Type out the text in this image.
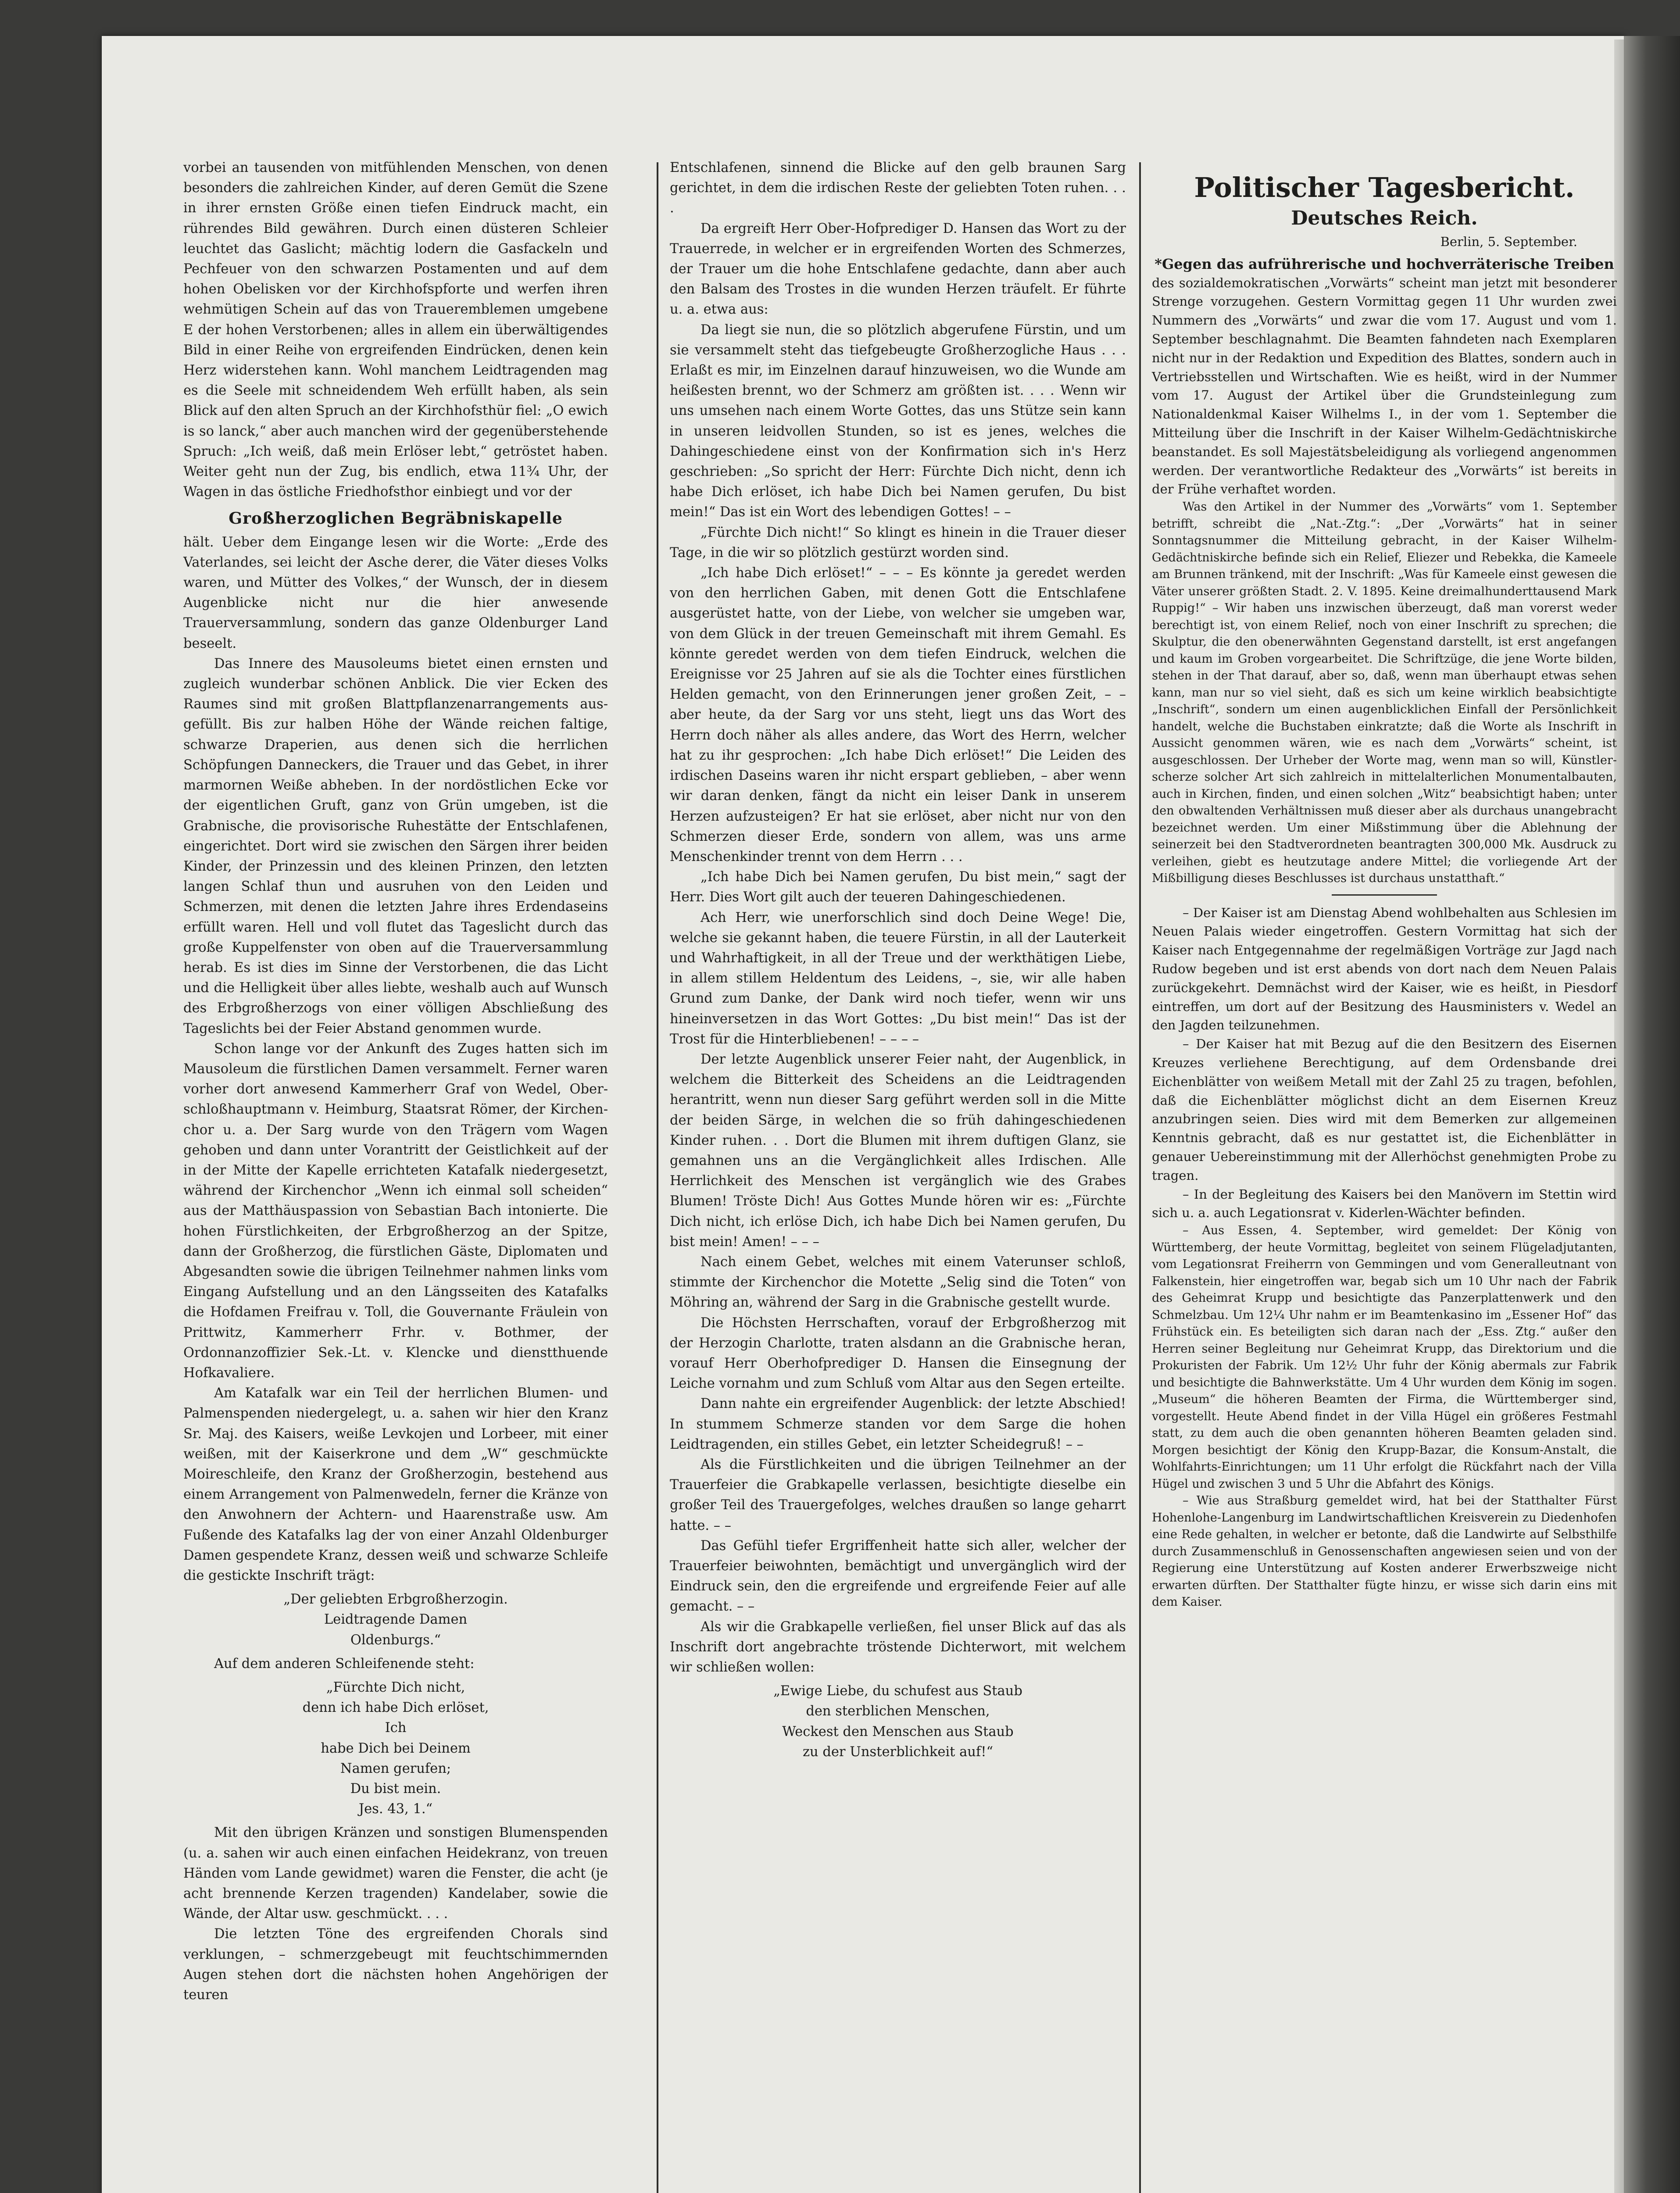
vorbei an tausenden von mitfühlenden Menschen, von denen besonders die zahlreichen Kinder, auf deren Gemüt die Szene in ihrer ernsten Größe einen tiefen Eindruck macht, ein rührendes Bild gewähren. Durch einen düsteren Schleier leuchtet das Gaslicht; mächtig lodern die Gasfackeln und Pechfeuer von den schwarzen Postamenten und auf dem hohen Obelisken vor der Kirchhofspforte und werfen ihren wehmütigen Schein auf das von Traueremblemen umgebene E der hohen Verstorbenen; alles in allem ein überwältigendes Bild in einer Reihe von ergreifenden Eindrücken, denen kein Herz widerstehen kann. Wohl manchem Leidtragenden mag es die Seele mit schneidendem Weh erfüllt haben, als sein Blick auf den alten Spruch an der Kirchhofsthür fiel: „O ewich is so lanck,“ aber auch manchen wird der gegenüberstehende Spruch: „Ich weiß, daß mein Erlöser lebt,“ getröstet haben. Weiter geht nun der Zug, bis endlich, etwa 11¾ Uhr, der Wagen in das östliche Friedhofsthor einbiegt und vor der

Großherzoglichen Begräbniskapelle

hält. Ueber dem Eingange lesen wir die Worte: „Erde des Vaterlandes, sei leicht der Asche derer, die Väter dieses Volks waren, und Mütter des Volkes,“ der Wunsch, der in diesem Augenblicke nicht nur die hier anwesende Trauerversammlung, sondern das ganze Oldenburger Land beseelt.

Das Innere des Mausoleums bietet einen ernsten und zugleich wunderbar schönen Anblick. Die vier Ecken des Raumes sind mit großen Blattpflanzenarrangements ausgefüllt. Bis zur halben Höhe der Wände reichen faltige, schwarze Draperien, aus denen sich die herrlichen Schöpfungen Danneckers, die Trauer und das Gebet, in ihrer marmornen Weiße abheben. In der nordöstlichen Ecke vor der eigentlichen Gruft, ganz von Grün umgeben, ist die Grabnische, die provisorische Ruhestätte der Entschlafenen, eingerichtet. Dort wird sie zwischen den Särgen ihrer beiden Kinder, der Prinzessin und des kleinen Prinzen, den letzten langen Schlaf thun und ausruhen von den Leiden und Schmerzen, mit denen die letzten Jahre ihres Erdendaseins erfüllt waren. Hell und voll flutet das Tageslicht durch das große Kuppelfenster von oben auf die Trauerversammlung herab. Es ist dies im Sinne der Verstorbenen, die das Licht und die Helligkeit über alles liebte, weshalb auch auf Wunsch des Erbgroßherzogs von einer völligen Abschließung des Tageslichts bei der Feier Abstand genommen wurde.

Schon lange vor der Ankunft des Zuges hatten sich im Mausoleum die fürstlichen Damen versammelt. Ferner waren vorher dort anwesend Kammerherr Graf von Wedel, Oberschloßhauptmann v. Heimburg, Staatsrat Römer, der Kirchenchor u. a. Der Sarg wurde von den Trägern vom Wagen gehoben und dann unter Vorantritt der Geistlichkeit auf der in der Mitte der Kapelle errichteten Katafalk niedergesetzt, während der Kirchenchor „Wenn ich einmal soll scheiden“ aus der Matthäuspassion von Sebastian Bach intonierte. Die hohen Fürstlichkeiten, der Erbgroßherzog an der Spitze, dann der Großherzog, die fürstlichen Gäste, Diplomaten und Abgesandten sowie die übrigen Teilnehmer nahmen links vom Eingang Aufstellung und an den Längsseiten des Katafalks die Hofdamen Freifrau v. Toll, die Gouvernante Fräulein von Prittwitz, Kammerherr Frhr. v. Bothmer, der Ordonnanzoffizier Sek.-Lt. v. Klencke und dienstthuende Hofkavaliere.

Am Katafalk war ein Teil der herrlichen Blumen- und Palmenspenden niedergelegt, u. a. sahen wir hier den Kranz Sr. Maj. des Kaisers, weiße Levkojen und Lorbeer, mit einer weißen, mit der Kaiserkrone und dem „W“ geschmückte Moireschleife, den Kranz der Großherzogin, bestehend aus einem Arrangement von Palmenwedeln, ferner die Kränze von den Anwohnern der Achtern- und Haarenstraße usw. Am Fußende des Katafalks lag der von einer Anzahl Oldenburger Damen gespendete Kranz, dessen weiß und schwarze Schleife die gestickte Inschrift trägt:

„Der geliebten Erbgroßherzogin.
Leidtragende Damen
Oldenburgs.“

Auf dem anderen Schleifenende steht:

„Fürchte Dich nicht,
denn ich habe Dich erlöset,
Ich
habe Dich bei Deinem
Namen gerufen;
Du bist mein.
Jes. 43, 1.“

Mit den übrigen Kränzen und sonstigen Blumenspenden (u. a. sahen wir auch einen einfachen Heidekranz, von treuen Händen vom Lande gewidmet) waren die Fenster, die acht (je acht brennende Kerzen tragenden) Kandelaber, sowie die Wände, der Altar usw. geschmückt. . . .

Die letzten Töne des ergreifenden Chorals sind verklungen, – schmerzgebeugt mit feuchtschimmernden Augen stehen dort die nächsten hohen Angehörigen der teuren

Entschlafenen, sinnend die Blicke auf den gelb braunen Sarg gerichtet, in dem die irdischen Reste der geliebten Toten ruhen. . . .

Da ergreift Herr Ober-Hofprediger D. Hansen das Wort zu der Trauerrede, in welcher er in ergreifenden Worten des Schmerzes, der Trauer um die hohe Entschlafene gedachte, dann aber auch den Balsam des Trostes in die wunden Herzen träufelt. Er führte u. a. etwa aus:

Da liegt sie nun, die so plötzlich abgerufene Fürstin, und um sie versammelt steht das tiefgebeugte Großherzogliche Haus . . . Erlaßt es mir, im Einzelnen darauf hinzuweisen, wo die Wunde am heißesten brennt, wo der Schmerz am größten ist. . . . Wenn wir uns umsehen nach einem Worte Gottes, das uns Stütze sein kann in unseren leidvollen Stunden, so ist es jenes, welches die Dahingeschiedene einst von der Konfirmation sich in's Herz geschrieben: „So spricht der Herr: Fürchte Dich nicht, denn ich habe Dich erlöset, ich habe Dich bei Namen gerufen, Du bist mein!“ Das ist ein Wort des lebendigen Gottes! – –

„Fürchte Dich nicht!“ So klingt es hinein in die Trauer dieser Tage, in die wir so plötzlich gestürzt worden sind.

„Ich habe Dich erlöset!“ – – – Es könnte ja geredet werden von den herrlichen Gaben, mit denen Gott die Entschlafene ausgerüstet hatte, von der Liebe, von welcher sie umgeben war, von dem Glück in der treuen Gemeinschaft mit ihrem Gemahl. Es könnte geredet werden von dem tiefen Eindruck, welchen die Ereignisse vor 25 Jahren auf sie als die Tochter eines fürstlichen Helden gemacht, von den Erinnerungen jener großen Zeit, – – aber heute, da der Sarg vor uns steht, liegt uns das Wort des Herrn doch näher als alles andere, das Wort des Herrn, welcher hat zu ihr gesprochen: „Ich habe Dich erlöset!“ Die Leiden des irdischen Daseins waren ihr nicht erspart geblieben, – aber wenn wir daran denken, fängt da nicht ein leiser Dank in unserem Herzen aufzusteigen? Er hat sie erlöset, aber nicht nur von den Schmerzen dieser Erde, sondern von allem, was uns arme Menschenkinder trennt von dem Herrn . . .

„Ich habe Dich bei Namen gerufen, Du bist mein,“ sagt der Herr. Dies Wort gilt auch der teueren Dahingeschiedenen.

Ach Herr, wie unerforschlich sind doch Deine Wege! Die, welche sie gekannt haben, die teuere Fürstin, in all der Lauterkeit und Wahrhaftigkeit, in all der Treue und der werkthätigen Liebe, in allem stillem Heldentum des Leidens, –, sie, wir alle haben Grund zum Danke, der Dank wird noch tiefer, wenn wir uns hineinversetzen in das Wort Gottes: „Du bist mein!“ Das ist der Trost für die Hinterbliebenen! – – – –

Der letzte Augenblick unserer Feier naht, der Augenblick, in welchem die Bitterkeit des Scheidens an die Leidtragenden herantritt, wenn nun dieser Sarg geführt werden soll in die Mitte der beiden Särge, in welchen die so früh dahingeschiedenen Kinder ruhen. . . Dort die Blumen mit ihrem duftigen Glanz, sie gemahnen uns an die Vergänglichkeit alles Irdischen. Alle Herrlichkeit des Menschen ist vergänglich wie des Grabes Blumen! Tröste Dich! Aus Gottes Munde hören wir es: „Fürchte Dich nicht, ich erlöse Dich, ich habe Dich bei Namen gerufen, Du bist mein! Amen! – – –

Nach einem Gebet, welches mit einem Vaterunser schloß, stimmte der Kirchenchor die Motette „Selig sind die Toten“ von Möhring an, während der Sarg in die Grabnische gestellt wurde.

Die Höchsten Herrschaften, vorauf der Erbgroßherzog mit der Herzogin Charlotte, traten alsdann an die Grabnische heran, vorauf Herr Oberhofprediger D. Hansen die Einsegnung der Leiche vornahm und zum Schluß vom Altar aus den Segen erteilte.

Dann nahte ein ergreifender Augenblick: der letzte Abschied! In stummem Schmerze standen vor dem Sarge die hohen Leidtragenden, ein stilles Gebet, ein letzter Scheidegruß! – –

Als die Fürstlichkeiten und die übrigen Teilnehmer an der Trauerfeier die Grabkapelle verlassen, besichtigte dieselbe ein großer Teil des Trauergefolges, welches draußen so lange geharrt hatte. – –

Das Gefühl tiefer Ergriffenheit hatte sich aller, welcher der Trauerfeier beiwohnten, bemächtigt und unvergänglich wird der Eindruck sein, den die ergreifende und ergreifende Feier auf alle gemacht. – –

Als wir die Grabkapelle verließen, fiel unser Blick auf das als Inschrift dort angebrachte tröstende Dichterwort, mit welchem wir schließen wollen:

„Ewige Liebe, du schufest aus Staub
den sterblichen Menschen,
Weckest den Menschen aus Staub
zu der Unsterblichkeit auf!“
Politischer Tagesbericht.
Deutsches Reich.
Berlin, 5. September.
*Gegen das aufrührerische und hochverräterische Treiben

des sozialdemokratischen „Vorwärts“ scheint man jetzt mit besonderer Strenge vorzugehen. Gestern Vormittag gegen 11 Uhr wurden zwei Nummern des „Vorwärts“ und zwar die vom 17. August und vom 1. September beschlagnahmt. Die Beamten fahndeten nach Exemplaren nicht nur in der Redaktion und Expedition des Blattes, sondern auch in Vertriebsstellen und Wirtschaften. Wie es heißt, wird in der Nummer vom 17. August der Artikel über die Grundsteinlegung zum Nationaldenkmal Kaiser Wilhelms I., in der vom 1. September die Mitteilung über die Inschrift in der Kaiser Wilhelm-Gedächtniskirche beanstandet. Es soll Majestätsbeleidigung als vorliegend angenommen werden. Der verantwortliche Redakteur des „Vorwärts“ ist bereits in der Frühe verhaftet worden.

Was den Artikel in der Nummer des „Vorwärts“ vom 1. September betrifft, schreibt die „Nat.-Ztg.“: „Der „Vorwärts“ hat in seiner Sonntagsnummer die Mitteilung gebracht, in der Kaiser Wilhelm-Gedächtniskirche befinde sich ein Relief, Eliezer und Rebekka, die Kameele am Brunnen tränkend, mit der Inschrift: „Was für Kameele einst gewesen die Väter unserer größten Stadt. 2. V. 1895. Keine dreimalhunderttausend Mark Ruppig!“ – Wir haben uns inzwischen überzeugt, daß man vorerst weder berechtigt ist, von einem Relief, noch von einer Inschrift zu sprechen; die Skulptur, die den obenerwähnten Gegenstand darstellt, ist erst angefangen und kaum im Groben vorgearbeitet. Die Schriftzüge, die jene Worte bilden, stehen in der That darauf, aber so, daß, wenn man überhaupt etwas sehen kann, man nur so viel sieht, daß es sich um keine wirklich beabsichtigte „Inschrift“, sondern um einen augenblicklichen Einfall der Persönlichkeit handelt, welche die Buchstaben einkratzte; daß die Worte als Inschrift in Aussicht genommen wären, wie es nach dem „Vorwärts“ scheint, ist ausgeschlossen. Der Urheber der Worte mag, wenn man so will, Künstlerscherze solcher Art sich zahlreich in mittelalterlichen Monumentalbauten, auch in Kirchen, finden, und einen solchen „Witz“ beabsichtigt haben; unter den obwaltenden Verhältnissen muß dieser aber als durchaus unangebracht bezeichnet werden. Um einer Mißstimmung über die Ablehnung der seinerzeit bei den Stadtverordneten beantragten 300,000 Mk. Ausdruck zu verleihen, giebt es heutzutage andere Mittel; die vorliegende Art der Mißbilligung dieses Beschlusses ist durchaus unstatthaft.“

– Der Kaiser ist am Dienstag Abend wohlbehalten aus Schlesien im Neuen Palais wieder eingetroffen. Gestern Vormittag hat sich der Kaiser nach Entgegennahme der regelmäßigen Vorträge zur Jagd nach Rudow begeben und ist erst abends von dort nach dem Neuen Palais zurückgekehrt. Demnächst wird der Kaiser, wie es heißt, in Piesdorf eintreffen, um dort auf der Besitzung des Hausministers v. Wedel an den Jagden teilzunehmen.

– Der Kaiser hat mit Bezug auf die den Besitzern des Eisernen Kreuzes verliehene Berechtigung, auf dem Ordensbande drei Eichenblätter von weißem Metall mit der Zahl 25 zu tragen, befohlen, daß die Eichenblätter möglichst dicht an dem Eisernen Kreuz anzubringen seien. Dies wird mit dem Bemerken zur allgemeinen Kenntnis gebracht, daß es nur gestattet ist, die Eichenblätter in genauer Uebereinstimmung mit der Allerhöchst genehmigten Probe zu tragen.

– In der Begleitung des Kaisers bei den Manövern im Stettin wird sich u. a. auch Legationsrat v. Kiderlen-Wächter befinden.

– Aus Essen, 4. September, wird gemeldet: Der König von Württemberg, der heute Vormittag, begleitet von seinem Flügeladjutanten, vom Legationsrat Freiherrn von Gemmingen und vom Generalleutnant von Falkenstein, hier eingetroffen war, begab sich um 10 Uhr nach der Fabrik des Geheimrat Krupp und besichtigte das Panzerplattenwerk und den Schmelzbau. Um 12¼ Uhr nahm er im Beamtenkasino im „Essener Hof“ das Frühstück ein. Es beteiligten sich daran nach der „Ess. Ztg.“ außer den Herren seiner Begleitung nur Geheimrat Krupp, das Direktorium und die Prokuristen der Fabrik. Um 12½ Uhr fuhr der König abermals zur Fabrik und besichtigte die Bahnwerkstätte. Um 4 Uhr wurden dem König im sogen. „Museum“ die höheren Beamten der Firma, die Württemberger sind, vorgestellt. Heute Abend findet in der Villa Hügel ein größeres Festmahl statt, zu dem auch die oben genannten höheren Beamten geladen sind. Morgen besichtigt der König den Krupp-Bazar, die Konsum-Anstalt, die Wohlfahrts-Einrichtungen; um 11 Uhr erfolgt die Rückfahrt nach der Villa Hügel und zwischen 3 und 5 Uhr die Abfahrt des Königs.

– Wie aus Straßburg gemeldet wird, hat bei der Statthalter Fürst Hohenlohe-Langenburg im Landwirtschaftlichen Kreisverein zu Diedenhofen eine Rede gehalten, in welcher er betonte, daß die Landwirte auf Selbsthilfe durch Zusammenschluß in Genossenschaften angewiesen seien und von der Regierung eine Unterstützung auf Kosten anderer Erwerbszweige nicht erwarten dürften. Der Statthalter fügte hinzu, er wisse sich darin eins mit dem Kaiser.
